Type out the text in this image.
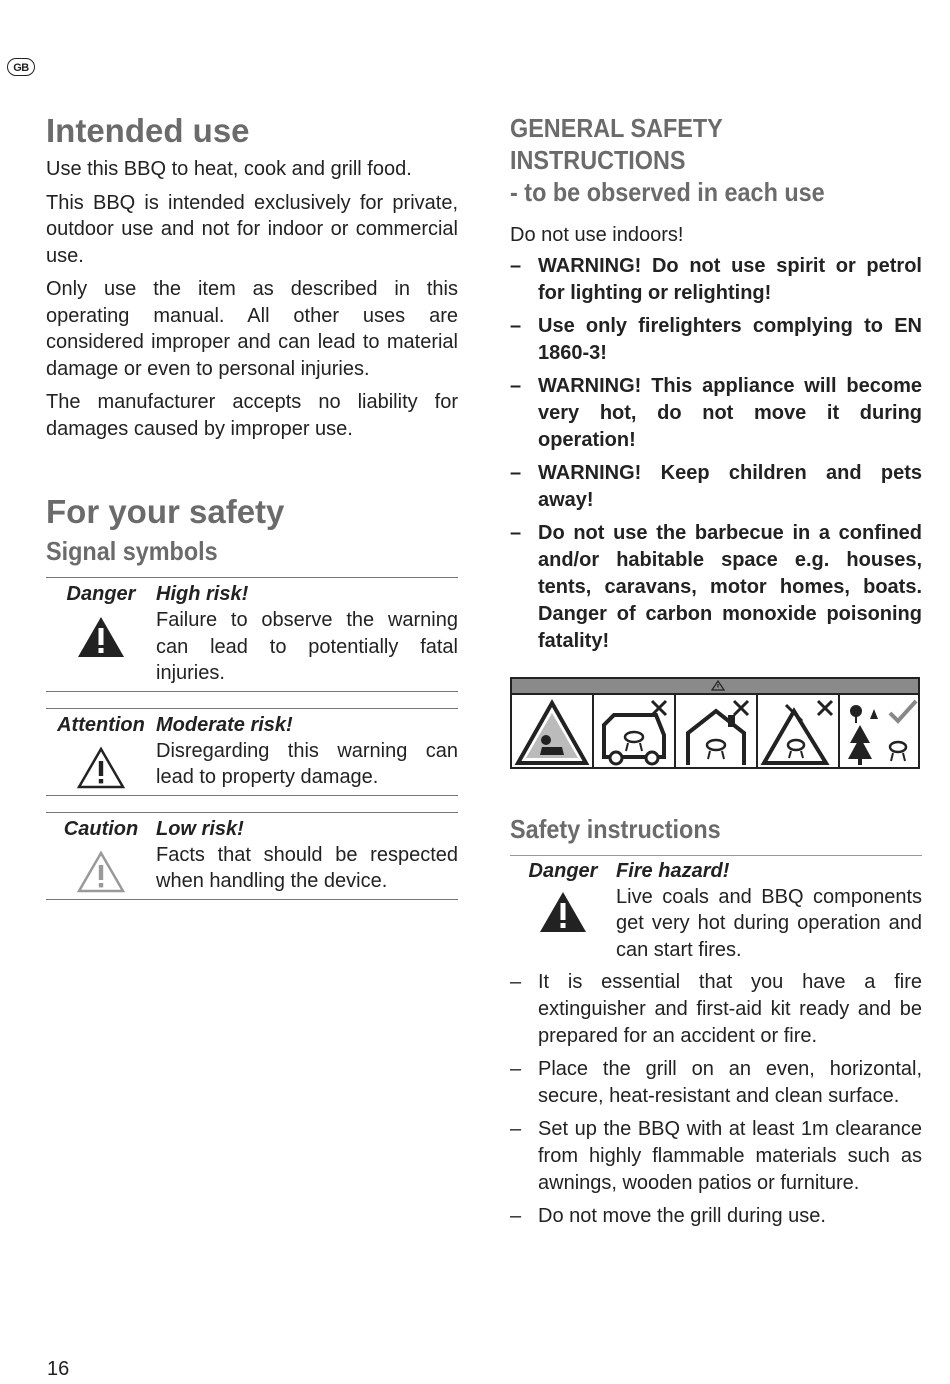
GB
Intended use

Use this BBQ to heat, cook and grill food.

This BBQ is intended exclusively for private, outdoor use and not for indoor or commercial use.

Only use the item as described in this operating manual. All other uses are considered improper and can lead to material damage or even to personal injuries.

The manufacturer accepts no liability for damages caused by improper use.

For your safety
Signal symbols
Danger	High risk!
Failure to observe the warning can lead to potentially fatal injuries.
Attention Moderate risk!
Disregarding this warning can lead to property damage.
Caution Low risk!
Facts that should be respected when handling the device.
GENERAL SAFETY
INSTRUCTIONS
- to be observed in each use

Do not use indoors!

– WARNING! Do not use spirit or petrol for lighting or relighting!
– Use only firelighters complying to EN 1860-3!
– WARNING! This appliance will become very hot, do not move it during operation!
– WARNING! Keep children and pets away!
– Do not use the barbecue in a confined and/or habitable space e.g. houses, tents, caravans, motor homes, boats. Danger of carbon monoxide poisoning fatality!
Safety instructions
Danger Fire hazard!
Live coals and BBQ components get very hot during operation and can start fires.
– It is essential that you have a fire extinguisher and first-aid kit ready and be prepared for an accident or fire.
– Place the grill on an even, horizontal, secure, heat-resistant and clean surface.
– Set up the BBQ with at least 1m clearance from highly flammable materials such as awnings, wooden patios or furniture.
– Do not move the grill during use.
16
